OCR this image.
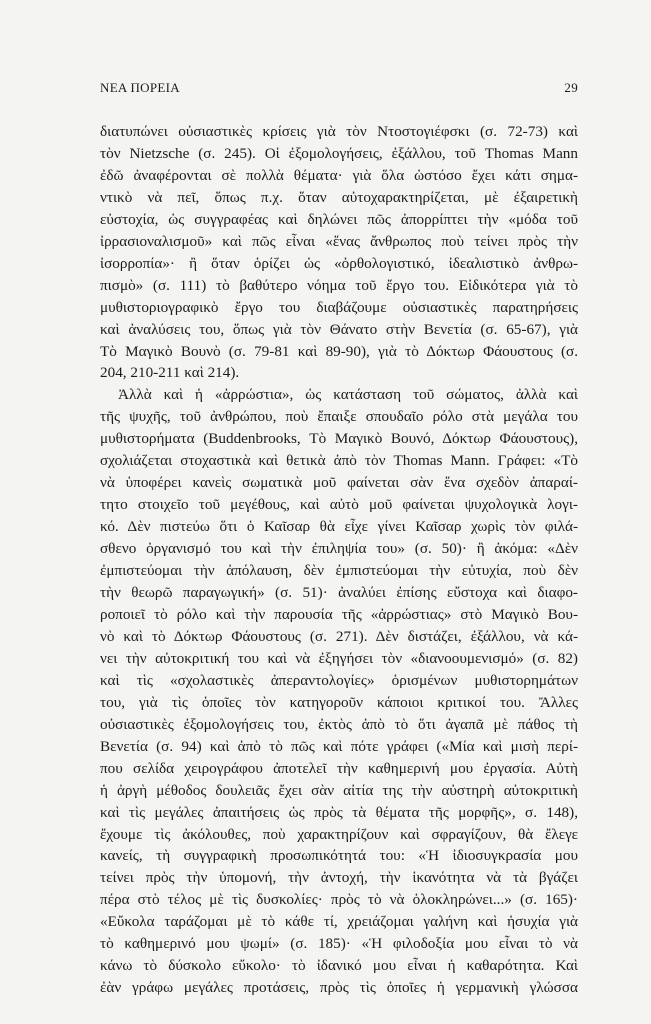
ΝΕΑ ΠΟΡΕΙΑ	29

διατυπώνει οὐσιαστικὲς κρίσεις γιὰ τὸν Ντοστογιέφσκι (σ. 72-73) καὶ

τὸν Nietzsche (σ. 245). Οἱ ἐξομολογήσεις, ἐξάλλου, τοῦ Thomas Mann

ἐδῶ ἀναφέρονται σὲ πολλὰ θέματα· γιὰ ὅλα ὡστόσο ἔχει κάτι σημα-

ντικὸ νὰ πεῖ, ὅπως π.χ. ὅταν αὐτοχαρακτηρίζεται, μὲ ἐξαιρετικὴ

εὐστοχία, ὡς συγγραφέας καὶ δηλώνει πῶς ἀπορρίπτει τὴν «μόδα τοῦ

ἰρρασιοναλισμοῦ» καὶ πῶς εἶναι «ἕνας ἄνθρωπος ποὺ τείνει πρὸς τὴν

ἰσορροπία»· ἢ ὅταν ὁρίζει ὡς «ὀρθολογιστικό, ἰδεαλιστικὸ ἀνθρω-

πισμὸ» (σ. 111) τὸ βαθύτερο νόημα τοῦ ἔργο του. Εἰδικότερα γιὰ τὸ

μυθιστοριογραφικὸ ἔργο του διαβάζουμε οὐσιαστικὲς παρατηρήσεις

καὶ ἀναλύσεις του, ὅπως γιὰ τὸν Θάνατο στὴν Βενετία (σ. 65-67), γιὰ

Τὸ Μαγικὸ Βουνὸ (σ. 79-81 καὶ 89-90), γιὰ τὸ Δόκτωρ Φάουστους (σ.

204, 210-211 καὶ 214).

Ἀλλὰ καὶ ἡ «ἀρρώστια», ὡς κατάσταση τοῦ σώματος, ἀλλὰ καὶ

τῆς ψυχῆς, τοῦ ἀνθρώπου, ποὺ ἔπαιξε σπουδαῖο ρόλο στὰ μεγάλα του

μυθιστορήματα (Buddenbrooks, Τὸ Μαγικὸ Βουνό, Δόκτωρ Φάουστους),

σχολιάζεται στοχαστικὰ καὶ θετικὰ ἀπὸ τὸν Thomas Mann. Γράφει: «Τὸ

νὰ ὑποφέρει κανεὶς σωματικὰ μοῦ φαίνεται σὰν ἕνα σχεδὸν ἀπαραί-

τητο στοιχεῖο τοῦ μεγέθους, καὶ αὐτὸ μοῦ φαίνεται ψυχολογικὰ λογι-

κό. Δὲν πιστεύω ὅτι ὁ Καῖσαρ θὰ εἶχε γίνει Καῖσαρ χωρὶς τὸν φιλά-

σθενο ὀργανισμό του καὶ τὴν ἐπιληψία του» (σ. 50)· ἢ ἀκόμα: «Δὲν

ἐμπιστεύομαι τὴν ἀπόλαυση, δὲν ἐμπιστεύομαι τὴν εὐτυχία, ποὺ δὲν

τὴν θεωρῶ παραγωγική» (σ. 51)· ἀναλύει ἐπίσης εὔστοχα καὶ διαφο-

ροποιεῖ τὸ ρόλο καὶ τὴν παρουσία τῆς «ἀρρώστιας» στὸ Μαγικὸ Βου-

νὸ καὶ τὸ Δόκτωρ Φάουστους (σ. 271). Δὲν διστάζει, ἐξάλλου, νὰ κά-

νει τὴν αὐτοκριτική του καὶ νὰ ἐξηγήσει τὸν «διανοουμενισμό» (σ. 82)

καὶ τὶς «σχολαστικὲς ἀπεραντολογίες» ὁρισμένων μυθιστορημάτων

του, γιὰ τὶς ὁποῖες τὸν κατηγοροῦν κάποιοι κριτικοί του. Ἄλλες

οὐσιαστικὲς ἐξομολογήσεις του, ἐκτὸς ἀπὸ τὸ ὅτι ἀγαπᾶ μὲ πάθος τὴ

Βενετία (σ. 94) καὶ ἀπὸ τὸ πῶς καὶ πότε γράφει («Μία καὶ μισὴ περί-

που σελίδα χειρογράφου ἀποτελεῖ τὴν καθημερινή μου ἐργασία. Αὐτὴ

ἡ ἀργὴ μέθοδος δουλειᾶς ἔχει σὰν αἰτία της τὴν αὐστηρὴ αὐτοκριτικὴ

καὶ τὶς μεγάλες ἀπαιτήσεις ὡς πρὸς τὰ θέματα τῆς μορφῆς», σ. 148),

ἔχουμε τὶς ἀκόλουθες, ποὺ χαρακτηρίζουν καὶ σφραγίζουν, θὰ ἔλεγε

κανείς, τὴ συγγραφικὴ προσωπικότητά του: «Ἡ ἰδιοσυγκρασία μου

τείνει πρὸς τὴν ὑπομονή, τὴν ἀντοχή, τὴν ἱκανότητα νὰ τὰ βγάζει

πέρα στὸ τέλος μὲ τὶς δυσκολίες· πρὸς τὸ νὰ ὁλοκληρώνει...» (σ. 165)·

«Εὔκολα ταράζομαι μὲ τὸ κάθε τί, χρειάζομαι γαλήνη καὶ ἡσυχία γιὰ

τὸ καθημερινό μου ψωμί» (σ. 185)· «Ἡ φιλοδοξία μου εἶναι τὸ νὰ

κάνω τὸ δύσκολο εὔκολο· τὸ ἰδανικό μου εἶναι ἡ καθαρότητα. Καὶ

ἐὰν γράφω μεγάλες προτάσεις, πρὸς τὶς ὁποῖες ἡ γερμανικὴ γλώσσα
